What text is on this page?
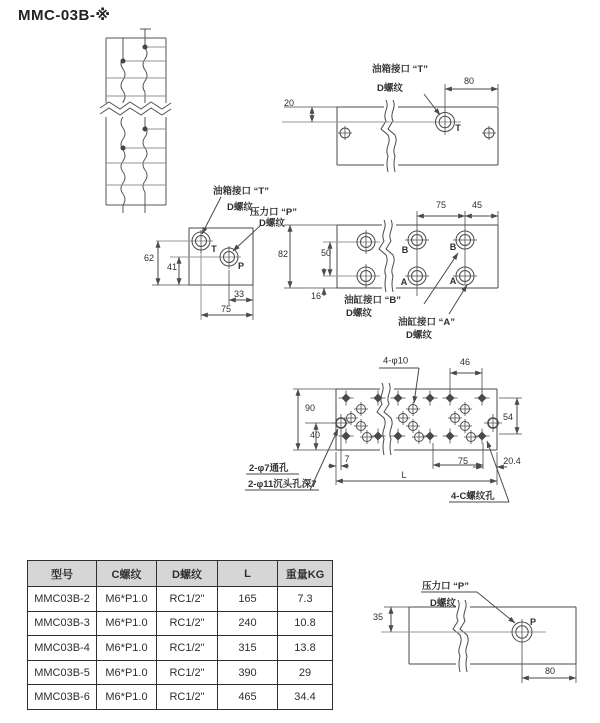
MMC-03B-※
油箱接口 “T”
D螺纹
80
20
T
油箱接口 “T”
D螺纹
压力口 “P”
D螺纹
T
P
62
41
33
75
75	45
82	50
16
B
A
B
A
油缸接口 “B”
D螺纹
油缸接口 “A”
D螺纹
4-φ10	46
90
40
54
7
L
75	20.4
2-φ7通孔
2-φ11沉头孔深7
4-C螺纹孔
压力口 “P”
D螺纹
35	P
80
型号	C螺纹	D螺纹	L	重量KG
MMC03B-2	M6*P1.0	RC1/2"	165	7.3
MMC03B-3	M6*P1.0	RC1/2"	240	10.8
MMC03B-4	M6*P1.0	RC1/2"	315	13.8
MMC03B-5	M6*P1.0	RC1/2"	390	29
MMC03B-6	M6*P1.0	RC1/2"	465	34.4
